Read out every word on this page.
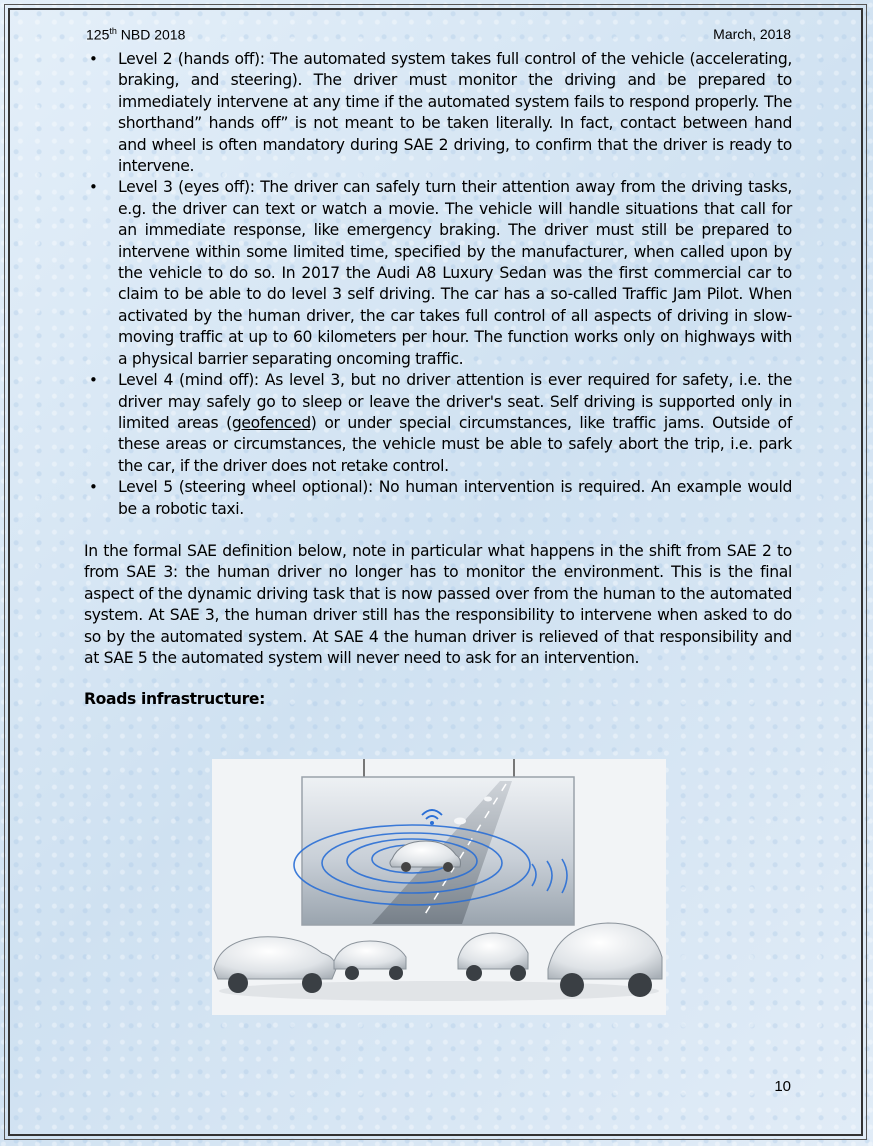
125th NBD 2018	March, 2018
• Level 2 (hands off): The automated system takes full control of the vehicle (accelerating, braking, and steering). The driver must monitor the driving and be prepared to immediately intervene at any time if the automated system fails to respond properly. The shorthand” hands off” is not meant to be taken literally. In fact, contact between hand and wheel is often mandatory during SAE 2 driving, to confirm that the driver is ready to intervene.
• Level 3 (eyes off): The driver can safely turn their attention away from the driving tasks, e.g. the driver can text or watch a movie. The vehicle will handle situations that call for an immediate response, like emergency braking. The driver must still be prepared to intervene within some limited time, specified by the manufacturer, when called upon by the vehicle to do so. In 2017 the Audi A8 Luxury Sedan was the first commercial car to claim to be able to do level 3 self driving. The car has a so-called Traffic Jam Pilot. When activated by the human driver, the car takes full control of all aspects of driving in slow-moving traffic at up to 60 kilometers per hour. The function works only on highways with a physical barrier separating oncoming traffic.
• Level 4 (mind off): As level 3, but no driver attention is ever required for safety, i.e. the driver may safely go to sleep or leave the driver's seat. Self driving is supported only in limited areas (geofenced) or under special circumstances, like traffic jams. Outside of these areas or circumstances, the vehicle must be able to safely abort the trip, i.e. park the car, if the driver does not retake control.
• Level 5 (steering wheel optional): No human intervention is required. An example would be a robotic taxi.
In the formal SAE definition below, note in particular what happens in the shift from SAE 2 to from SAE 3: the human driver no longer has to monitor the environment. This is the final aspect of the dynamic driving task that is now passed over from the human to the automated system. At SAE 3, the human driver still has the responsibility to intervene when asked to do so by the automated system. At SAE 4 the human driver is relieved of that responsibility and at SAE 5 the automated system will never need to ask for an intervention.
Roads infrastructure:
10
